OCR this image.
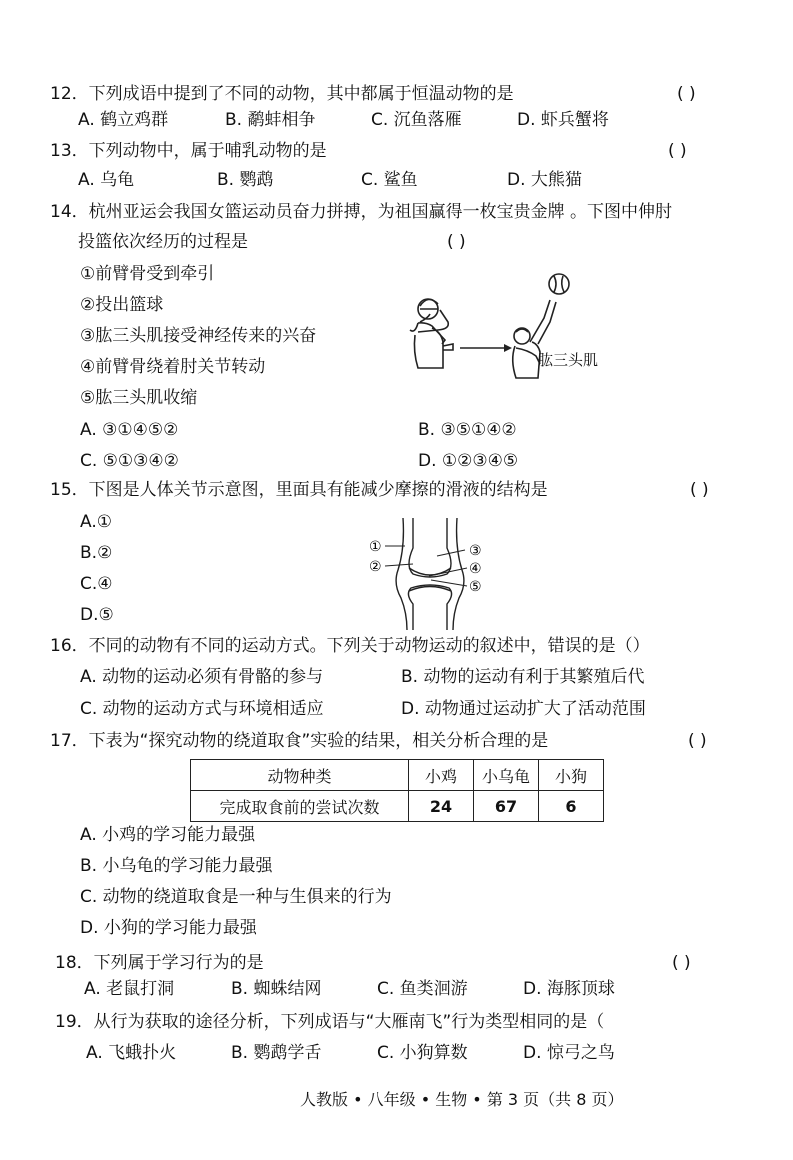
12．下列成语中提到了不同的动物，其中都属于恒温动物的是	( )
A. 鹤立鸡群	B. 鹬蚌相争	C. 沉鱼落雁	D. 虾兵蟹将
13．下列动物中，属于哺乳动物的是	( )
A. 乌龟	B. 鹦鹉	C. 鲨鱼	D. 大熊猫
14．杭州亚运会我国女篮运动员奋力拼搏，为祖国赢得一枚宝贵金牌 。下图中伸肘
投篮依次经历的过程是	( )
①前臂骨受到牵引
②投出篮球
③肱三头肌接受神经传来的兴奋
④前臂骨绕着肘关节转动
⑤肱三头肌收缩
A. ③①④⑤②	B. ③⑤①④②
C. ⑤①③④②	D. ①②③④⑤
肱三头肌
15．下图是人体关节示意图，里面具有能减少摩擦的滑液的结构是	( )
A.①
B.②
C.④
D.⑤
①
②
③
④
⑤
16．不同的动物有不同的运动方式。下列关于动物运动的叙述中，错误的是（）
A. 动物的运动必须有骨骼的参与	B. 动物的运动有利于其繁殖后代
C. 动物的运动方式与环境相适应	D. 动物通过运动扩大了活动范围
17．下表为“探究动物的绕道取食”实验的结果，相关分析合理的是	( )
动物种类	小鸡	小乌龟	小狗
完成取食前的尝试次数	24	67	6
A. 小鸡的学习能力最强
B. 小乌龟的学习能力最强
C. 动物的绕道取食是一种与生俱来的行为
D. 小狗的学习能力最强
18．下列属于学习行为的是	( )
A. 老鼠打洞	B. 蜘蛛结网	C. 鱼类洄游	D. 海豚顶球
19．从行为获取的途径分析，下列成语与“大雁南飞”行为类型相同的是（
A. 飞蛾扑火	B. 鹦鹉学舌	C. 小狗算数	D. 惊弓之鸟
人教版 • 八年级 • 生物 • 第 3 页（共 8 页）
